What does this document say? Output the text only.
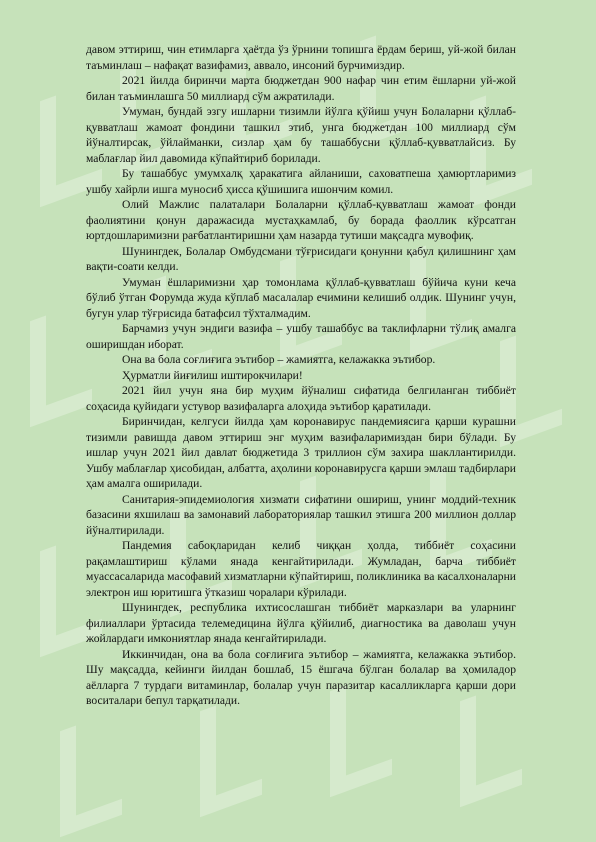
давом эттириш, чин етимларга ҳаётда ўз ўрнини топишга ёрдам бериш, уй-жой билан таъминлаш – нафақат вазифамиз, аввало, инсоний бурчимиздир.

2021 йилда биринчи марта бюджетдан 900 нафар чин етим ёшларни уй-жой билан таъминлашга 50 миллиард сўм ажратилади.

Умуман, бундай эзгу ишларни тизимли йўлга қўйиш учун Болаларни қўллаб-қувватлаш жамоат фондини ташкил этиб, унга бюджетдан 100 миллиард сўм йўналтирсак, ўйлайманки, сизлар ҳам бу ташаббусни қўллаб-қувватлайсиз. Бу маблағлар йил давомида кўпайтириб борилади.

Бу ташаббус умумхалқ ҳаракатига айланиши, саховатпеша ҳамюртларимиз ушбу хайрли ишга муносиб ҳисса қўшишига ишончим комил.

Олий Мажлис палаталари Болаларни қўллаб-қувватлаш жамоат фонди фаолиятини қонун даражасида мустаҳкамлаб, бу борада фаоллик кўрсатган юртдошларимизни рағбатлантиришни ҳам назарда тутиши мақсадга мувофиқ.

Шунингдек, Болалар Омбудсмани тўғрисидаги қонунни қабул қилишнинг ҳам вақти-соати келди.

Умуман ёшларимизни ҳар томонлама қўллаб-қувватлаш бўйича куни кеча бўлиб ўтган Форумда жуда кўплаб масалалар ечимини келишиб олдик. Шунинг учун, бугун улар тўғрисида батафсил тўхталмадим.

Барчамиз учун эндиги вазифа – ушбу ташаббус ва таклифларни тўлиқ амалга оширишдан иборат.

Она ва бола соғлиғига эътибор – жамиятга, келажакка эътибор.

Ҳурматли йиғилиш иштирокчилари!

2021 йил учун яна бир муҳим йўналиш сифатида белгиланган тиббиёт соҳасида қуйидаги устувор вазифаларга алоҳида эътибор қаратилади.

Биринчидан, келгуси йилда ҳам коронавирус пандемиясига қарши курашни тизимли равишда давом эттириш энг муҳим вазифаларимиздан бири бўлади. Бу ишлар учун 2021 йил давлат бюджетида 3 триллион сўм захира шакллантирилди. Ушбу маблағлар ҳисобидан, албатта, аҳолини коронавирусга қарши эмлаш тадбирлари ҳам амалга оширилади.

Санитария-эпидемиология хизмати сифатини ошириш, унинг моддий-техник базасини яхшилаш ва замонавий лабораториялар ташкил этишга 200 миллион доллар йўналтирилади.

Пандемия сабоқларидан келиб чиққан ҳолда, тиббиёт соҳасини рақамлаштириш кўлами янада кенгайтирилади. Жумладан, барча тиббиёт муассасаларида масофавий хизматларни кўпайтириш, поликлиника ва касалхоналарни электрон иш юритишга ўтказиш чоралари кўрилади.

Шунингдек, республика ихтисослашган тиббиёт марказлари ва уларнинг филиаллари ўртасида телемедицина йўлга қўйилиб, диагностика ва даволаш учун жойлардаги имкониятлар янада кенгайтирилади.

Иккинчидан, она ва бола соғлиғига эътибор – жамиятга, келажакка эътибор. Шу мақсадда, кейинги йилдан бошлаб, 15 ёшгача бўлган болалар ва ҳомиладор аёлларга 7 турдаги витаминлар, болалар учун паразитар касалликларга қарши дори воситалари бепул тарқатилади.
